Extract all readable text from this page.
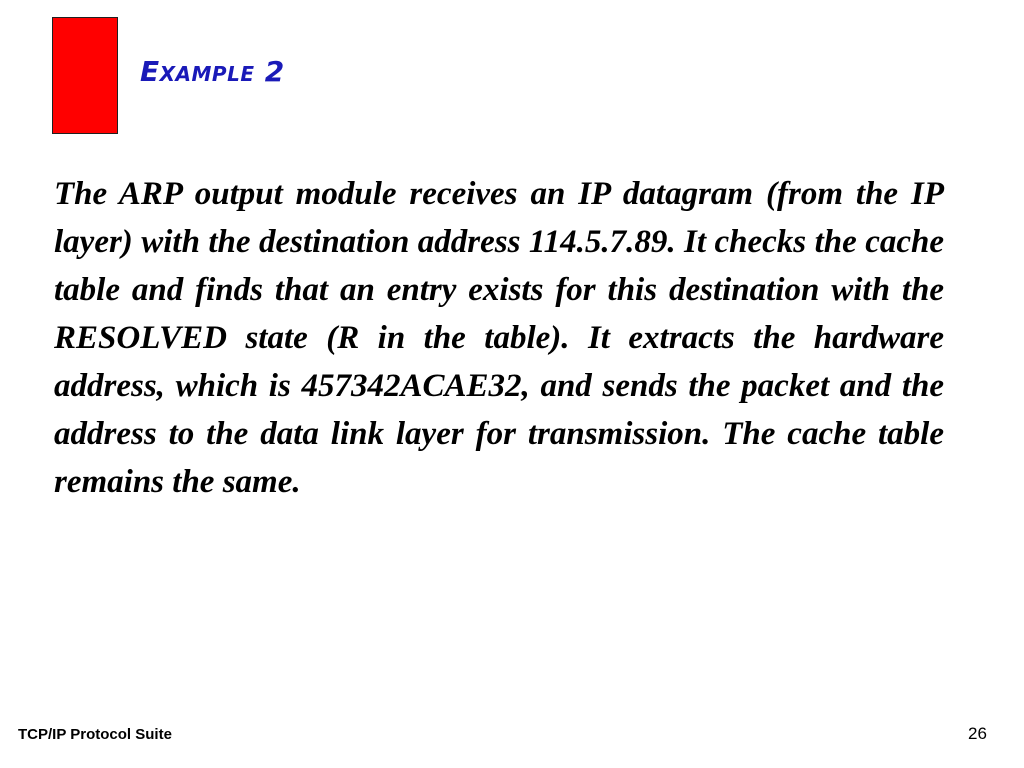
Example 2

The ARP output module receives an IP datagram (from the IP layer) with the destination address 114.5.7.89. It checks the cache table and finds that an entry exists for this destination with the RESOLVED state (R in the table). It extracts the hardware address, which is 457342ACAE32, and sends the packet and the address to the data link layer for transmission. The cache table remains the same.

TCP/IP Protocol Suite	26
